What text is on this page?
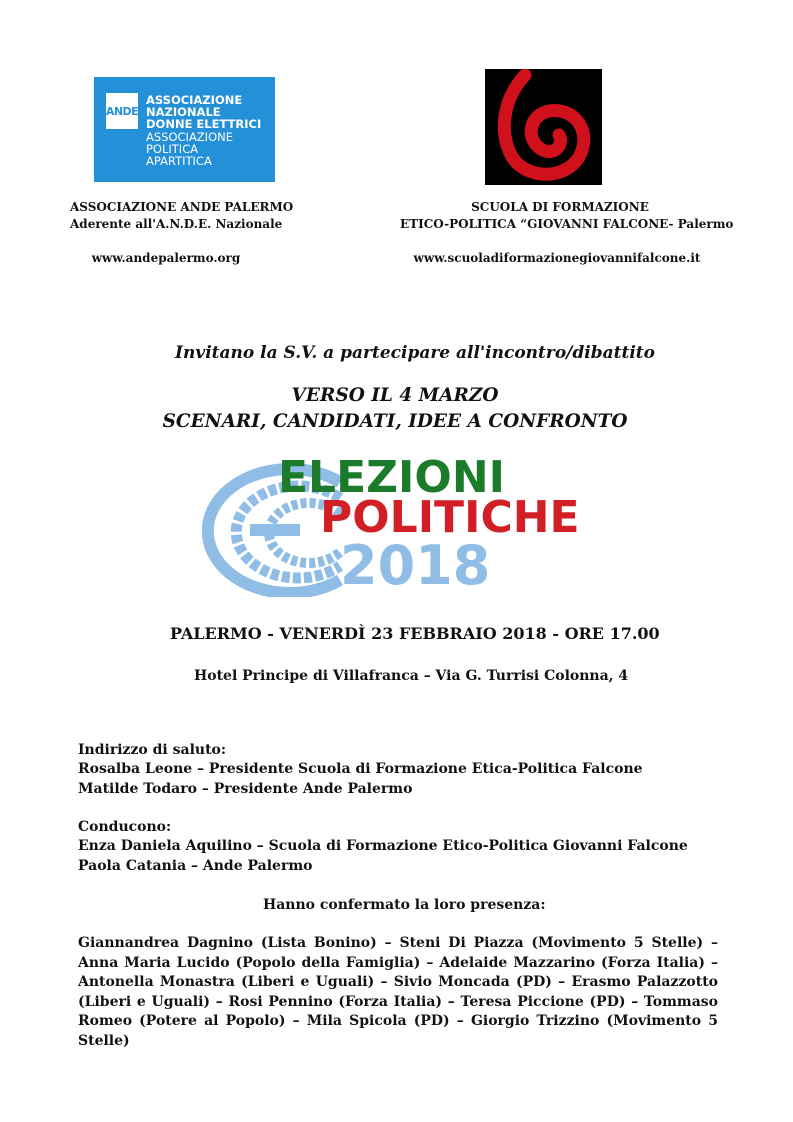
ANDE
ASSOCIAZIONE
NAZIONALE
DONNE ELETTRICI
ASSOCIAZIONE
POLITICA
APARTITICA
ASSOCIAZIONE ANDE PALERMO
Aderente all'A.N.D.E. Nazionale
www.andepalermo.org
SCUOLA DI FORMAZIONE
ETICO-POLITICA “GIOVANNI FALCONE- Palermo
www.scuoladiformazionegiovannifalcone.it
Invitano la S.V. a partecipare all'incontro/dibattito
VERSO IL 4 MARZO
SCENARI, CANDIDATI, IDEE A CONFRONTO
ELEZIONI
POLITICHE
2018
PALERMO - VENERDÌ 23 FEBBRAIO 2018 - ORE 17.00
Hotel Principe di Villafranca – Via G. Turrisi Colonna, 4
Indirizzo di saluto:
Rosalba Leone – Presidente Scuola di Formazione Etica-Politica Falcone
Matilde Todaro – Presidente Ande Palermo
Conducono:
Enza Daniela Aquilino – Scuola di Formazione Etico-Politica Giovanni Falcone
Paola Catania – Ande Palermo
Hanno confermato la loro presenza:
Giannandrea Dagnino (Lista Bonino) – Steni Di Piazza (Movimento 5 Stelle) – Anna Maria Lucido (Popolo della Famiglia) – Adelaide Mazzarino (Forza Italia) – Antonella Monastra (Liberi e Uguali) – Sivio Moncada (PD) – Erasmo Palazzotto (Liberi e Uguali) – Rosi Pennino (Forza Italia) – Teresa Piccione (PD) – Tommaso Romeo (Potere al Popolo) – Mila Spicola (PD) – Giorgio Trizzino (Movimento 5 Stelle)
